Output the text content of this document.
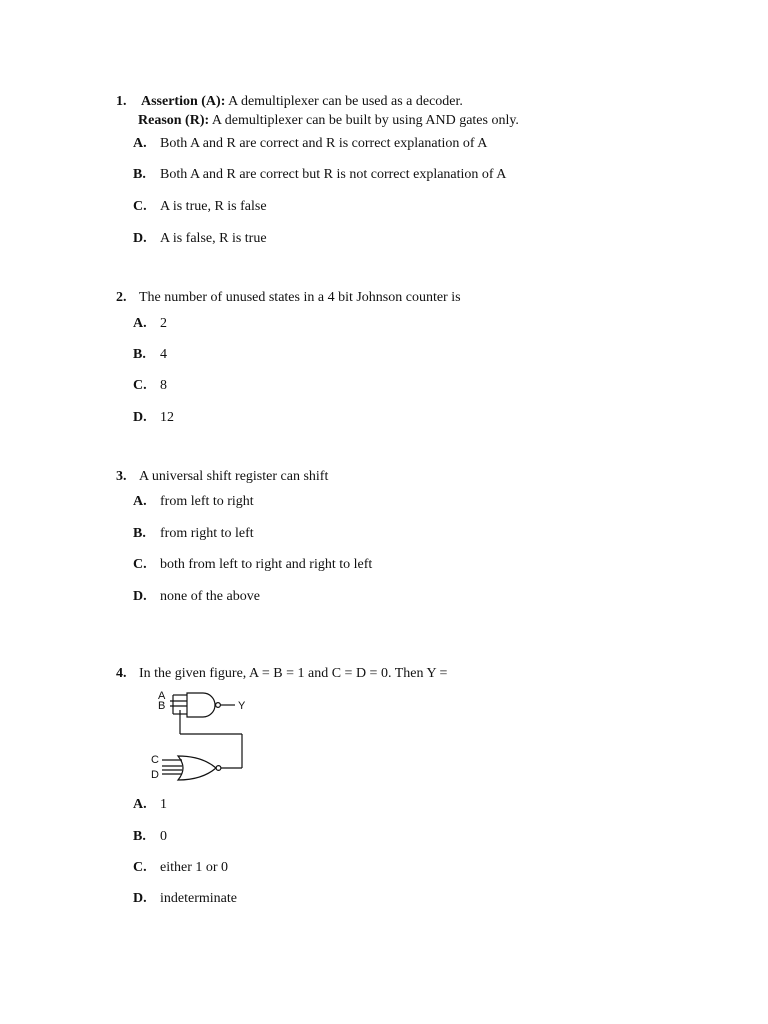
1. Assertion (A): A demultiplexer can be used as a decoder.
Reason (R): A demultiplexer can be built by using AND gates only.
A. Both A and R are correct and R is correct explanation of A
B. Both A and R are correct but R is not correct explanation of A
C. A is true, R is false
D. A is false, R is true
2. The number of unused states in a 4 bit Johnson counter is
A. 2
B. 4
C. 8
D. 12
3. A universal shift register can shift
A. from left to right
B. from right to left
C. both from left to right and right to left
D. none of the above
4. In the given figure, A = B = 1 and C = D = 0. Then Y =
A
B
C
D
Y
A. 1
B. 0
C. either 1 or 0
D. indeterminate
